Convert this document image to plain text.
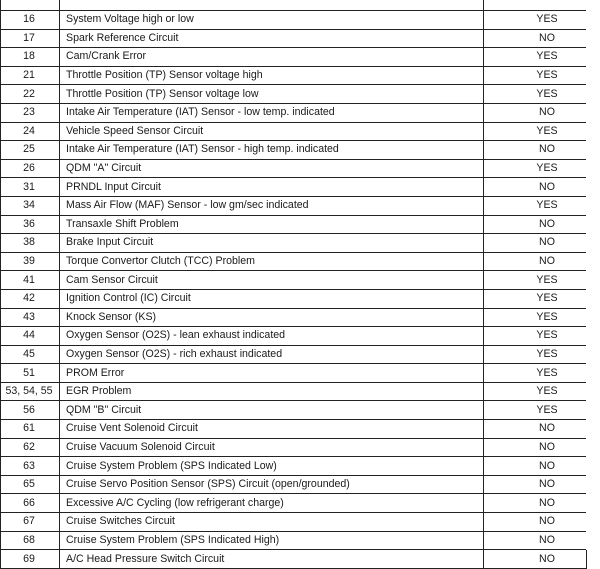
16	System Voltage high or low	YES
17	Spark Reference Circuit	NO
18	Cam/Crank Error	YES
21	Throttle Position (TP) Sensor voltage high	YES
22	Throttle Position (TP) Sensor voltage low	YES
23	Intake Air Temperature (IAT) Sensor - low temp. indicated	NO
24	Vehicle Speed Sensor Circuit	YES
25	Intake Air Temperature (IAT) Sensor - high temp. indicated	NO
26	QDM "A" Circuit	YES
31	PRNDL Input Circuit	NO
34	Mass Air Flow (MAF) Sensor - low gm/sec indicated	YES
36	Transaxle Shift Problem	NO
38	Brake Input Circuit	NO
39	Torque Convertor Clutch (TCC) Problem	NO
41	Cam Sensor Circuit	YES
42	Ignition Control (IC) Circuit	YES
43	Knock Sensor (KS)	YES
44	Oxygen Sensor (O2S) - lean exhaust indicated	YES
45	Oxygen Sensor (O2S) - rich exhaust indicated	YES
51	PROM Error	YES
53, 54, 55	EGR Problem	YES
56	QDM "B" Circuit	YES
61	Cruise Vent Solenoid Circuit	NO
62	Cruise Vacuum Solenoid Circuit	NO
63	Cruise System Problem (SPS Indicated Low)	NO
65	Cruise Servo Position Sensor (SPS) Circuit (open/grounded)	NO
66	Excessive A/C Cycling (low refrigerant charge)	NO
67	Cruise Switches Circuit	NO
68	Cruise System Problem (SPS Indicated High)	NO
69	A/C Head Pressure Switch Circuit	NO
